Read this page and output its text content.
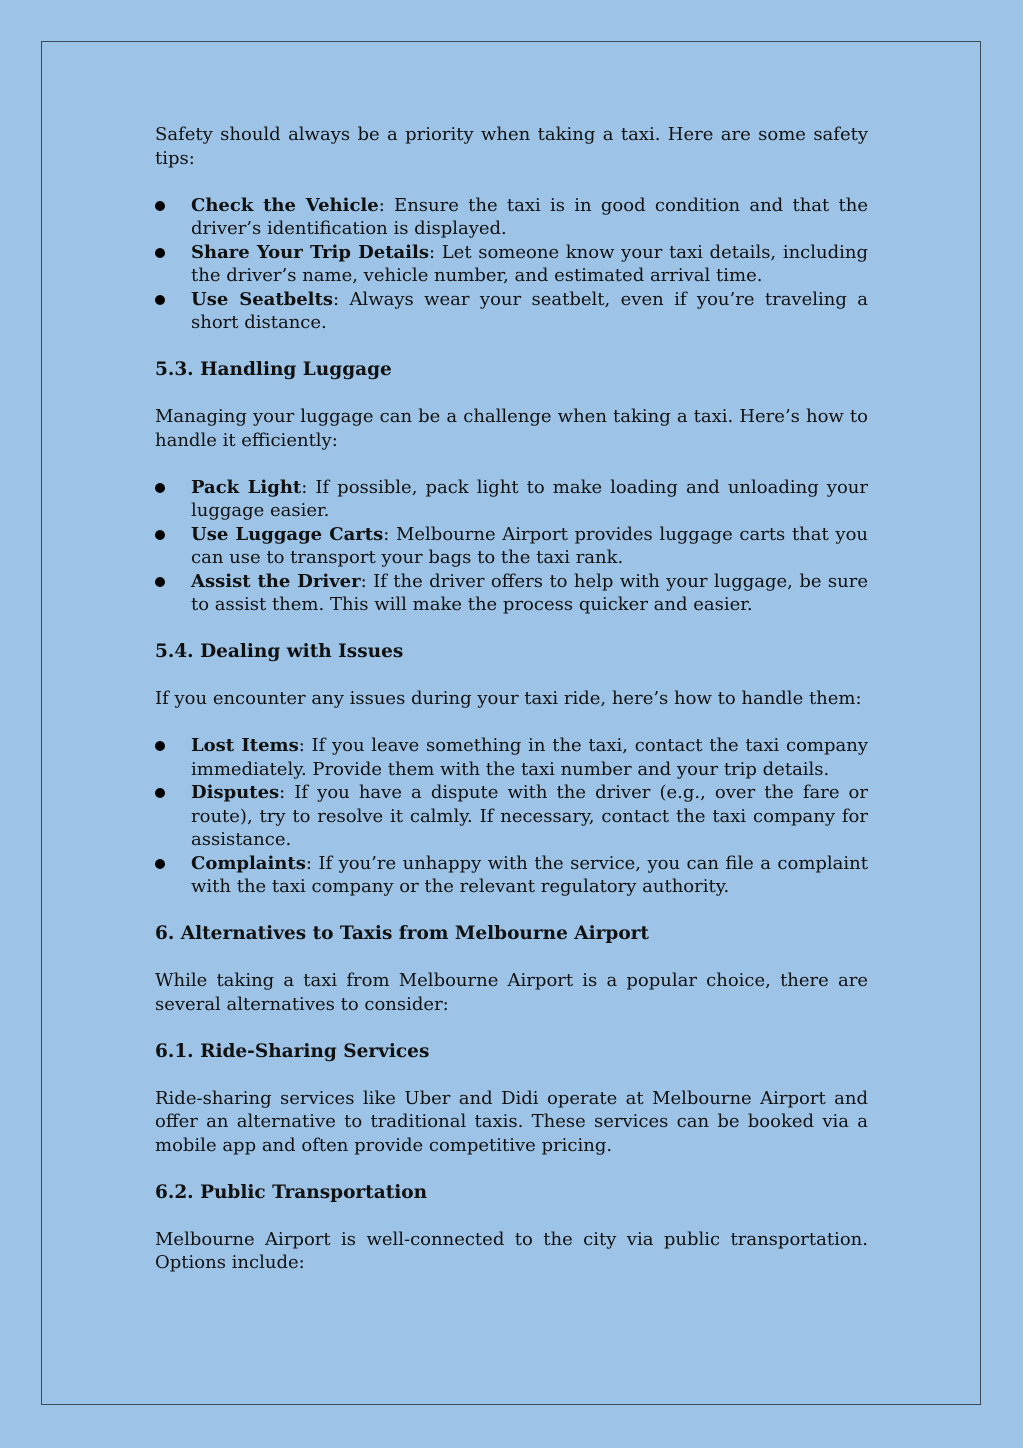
Safety should always be a priority when taking a taxi. Here are some safety tips:

Check the Vehicle: Ensure the taxi is in good condition and that the driver’s identification is displayed.
Share Your Trip Details: Let someone know your taxi details, including the driver’s name, vehicle number, and estimated arrival time.
Use Seatbelts: Always wear your seatbelt, even if you’re traveling a short distance.
5.3. Handling Luggage

Managing your luggage can be a challenge when taking a taxi. Here’s how to handle it efficiently:

Pack Light: If possible, pack light to make loading and unloading your luggage easier.
Use Luggage Carts: Melbourne Airport provides luggage carts that you can use to transport your bags to the taxi rank.
Assist the Driver: If the driver offers to help with your luggage, be sure to assist them. This will make the process quicker and easier.
5.4. Dealing with Issues

If you encounter any issues during your taxi ride, here’s how to handle them:

Lost Items: If you leave something in the taxi, contact the taxi company immediately. Provide them with the taxi number and your trip details.
Disputes: If you have a dispute with the driver (e.g., over the fare or route), try to resolve it calmly. If necessary, contact the taxi company for assistance.
Complaints: If you’re unhappy with the service, you can file a complaint with the taxi company or the relevant regulatory authority.
6. Alternatives to Taxis from Melbourne Airport

While taking a taxi from Melbourne Airport is a popular choice, there are several alternatives to consider:

6.1. Ride-Sharing Services

Ride-sharing services like Uber and Didi operate at Melbourne Airport and offer an alternative to traditional taxis. These services can be booked via a mobile app and often provide competitive pricing.

6.2. Public Transportation

Melbourne Airport is well-connected to the city via public transportation. Options include:
